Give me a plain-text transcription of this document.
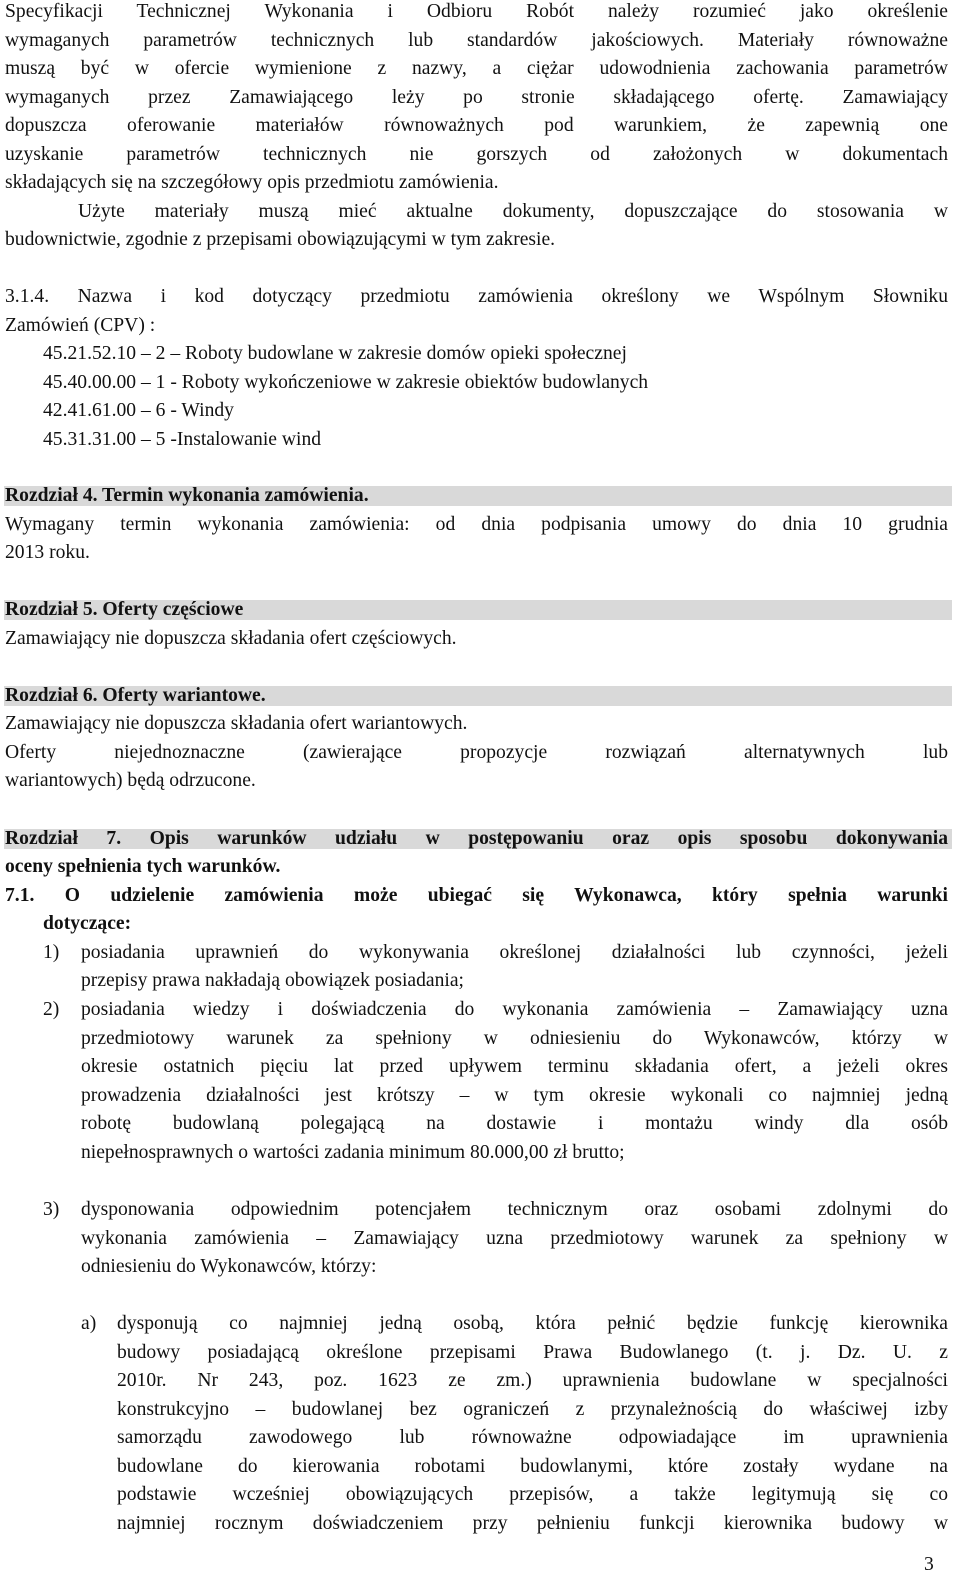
Specyfikacji Technicznej Wykonania i Odbioru Robót należy rozumieć jako określenie
wymaganych parametrów technicznych lub standardów jakościowych. Materiały równoważne
muszą być w ofercie wymienione z nazwy, a ciężar udowodnienia zachowania parametrów
wymaganych przez Zamawiającego leży po stronie składającego ofertę. Zamawiający
dopuszcza oferowanie materiałów równoważnych pod warunkiem, że zapewnią one
uzyskanie parametrów technicznych nie gorszych od założonych w dokumentach
składających się na szczegółowy opis przedmiotu zamówienia.
Użyte materiały muszą mieć aktualne dokumenty, dopuszczające do stosowania w
budownictwie, zgodnie z przepisami obowiązującymi w tym zakresie.
3.1.4. Nazwa i kod dotyczący przedmiotu zamówienia określony we Wspólnym Słowniku
Zamówień (CPV) :
45.21.52.10 – 2 – Roboty budowlane w zakresie domów opieki społecznej
45.40.00.00 – 1 - Roboty wykończeniowe w zakresie obiektów budowlanych
42.41.61.00 – 6 - Windy
45.31.31.00 – 5 -Instalowanie wind
Rozdział 4. Termin wykonania zamówienia.
Wymagany termin wykonania zamówienia: od dnia podpisania umowy do dnia 10 grudnia
2013 roku.
Rozdział 5. Oferty częściowe
Zamawiający nie dopuszcza składania ofert częściowych.
Rozdział 6. Oferty wariantowe.
Zamawiający nie dopuszcza składania ofert wariantowych.
Oferty niejednoznaczne (zawierające propozycje rozwiązań alternatywnych lub
wariantowych) będą odrzucone.
Rozdział 7. Opis warunków udziału w postępowaniu oraz opis sposobu dokonywania
oceny spełnienia tych warunków.
7.1. O udzielenie zamówienia może ubiegać się Wykonawca, który spełnia warunki
dotyczące:
1) posiadania uprawnień do wykonywania określonej działalności lub czynności, jeżeli
przepisy prawa nakładają obowiązek posiadania;
2) posiadania wiedzy i doświadczenia do wykonania zamówienia – Zamawiający uzna
przedmiotowy warunek za spełniony w odniesieniu do Wykonawców, którzy w
okresie ostatnich pięciu lat przed upływem terminu składania ofert, a jeżeli okres
prowadzenia działalności jest krótszy – w tym okresie wykonali co najmniej jedną
robotę budowlaną polegającą na dostawie i montażu windy dla osób
niepełnosprawnych o wartości zadania minimum 80.000,00 zł brutto;
3) dysponowania odpowiednim potencjałem technicznym oraz osobami zdolnymi do
wykonania zamówienia – Zamawiający uzna przedmiotowy warunek za spełniony w
odniesieniu do Wykonawców, którzy:
a) dysponują co najmniej jedną osobą, która pełnić będzie funkcję kierownika
budowy posiadającą określone przepisami Prawa Budowlanego (t. j. Dz. U. z
2010r. Nr 243, poz. 1623 ze zm.) uprawnienia budowlane w specjalności
konstrukcyjno – budowlanej bez ograniczeń z przynależnością do właściwej izby
samorządu zawodowego lub równoważne odpowiadające im uprawnienia
budowlane do kierowania robotami budowlanymi, które zostały wydane na
podstawie wcześniej obowiązujących przepisów, a także legitymują się co
najmniej rocznym doświadczeniem przy pełnieniu funkcji kierownika budowy w
3
